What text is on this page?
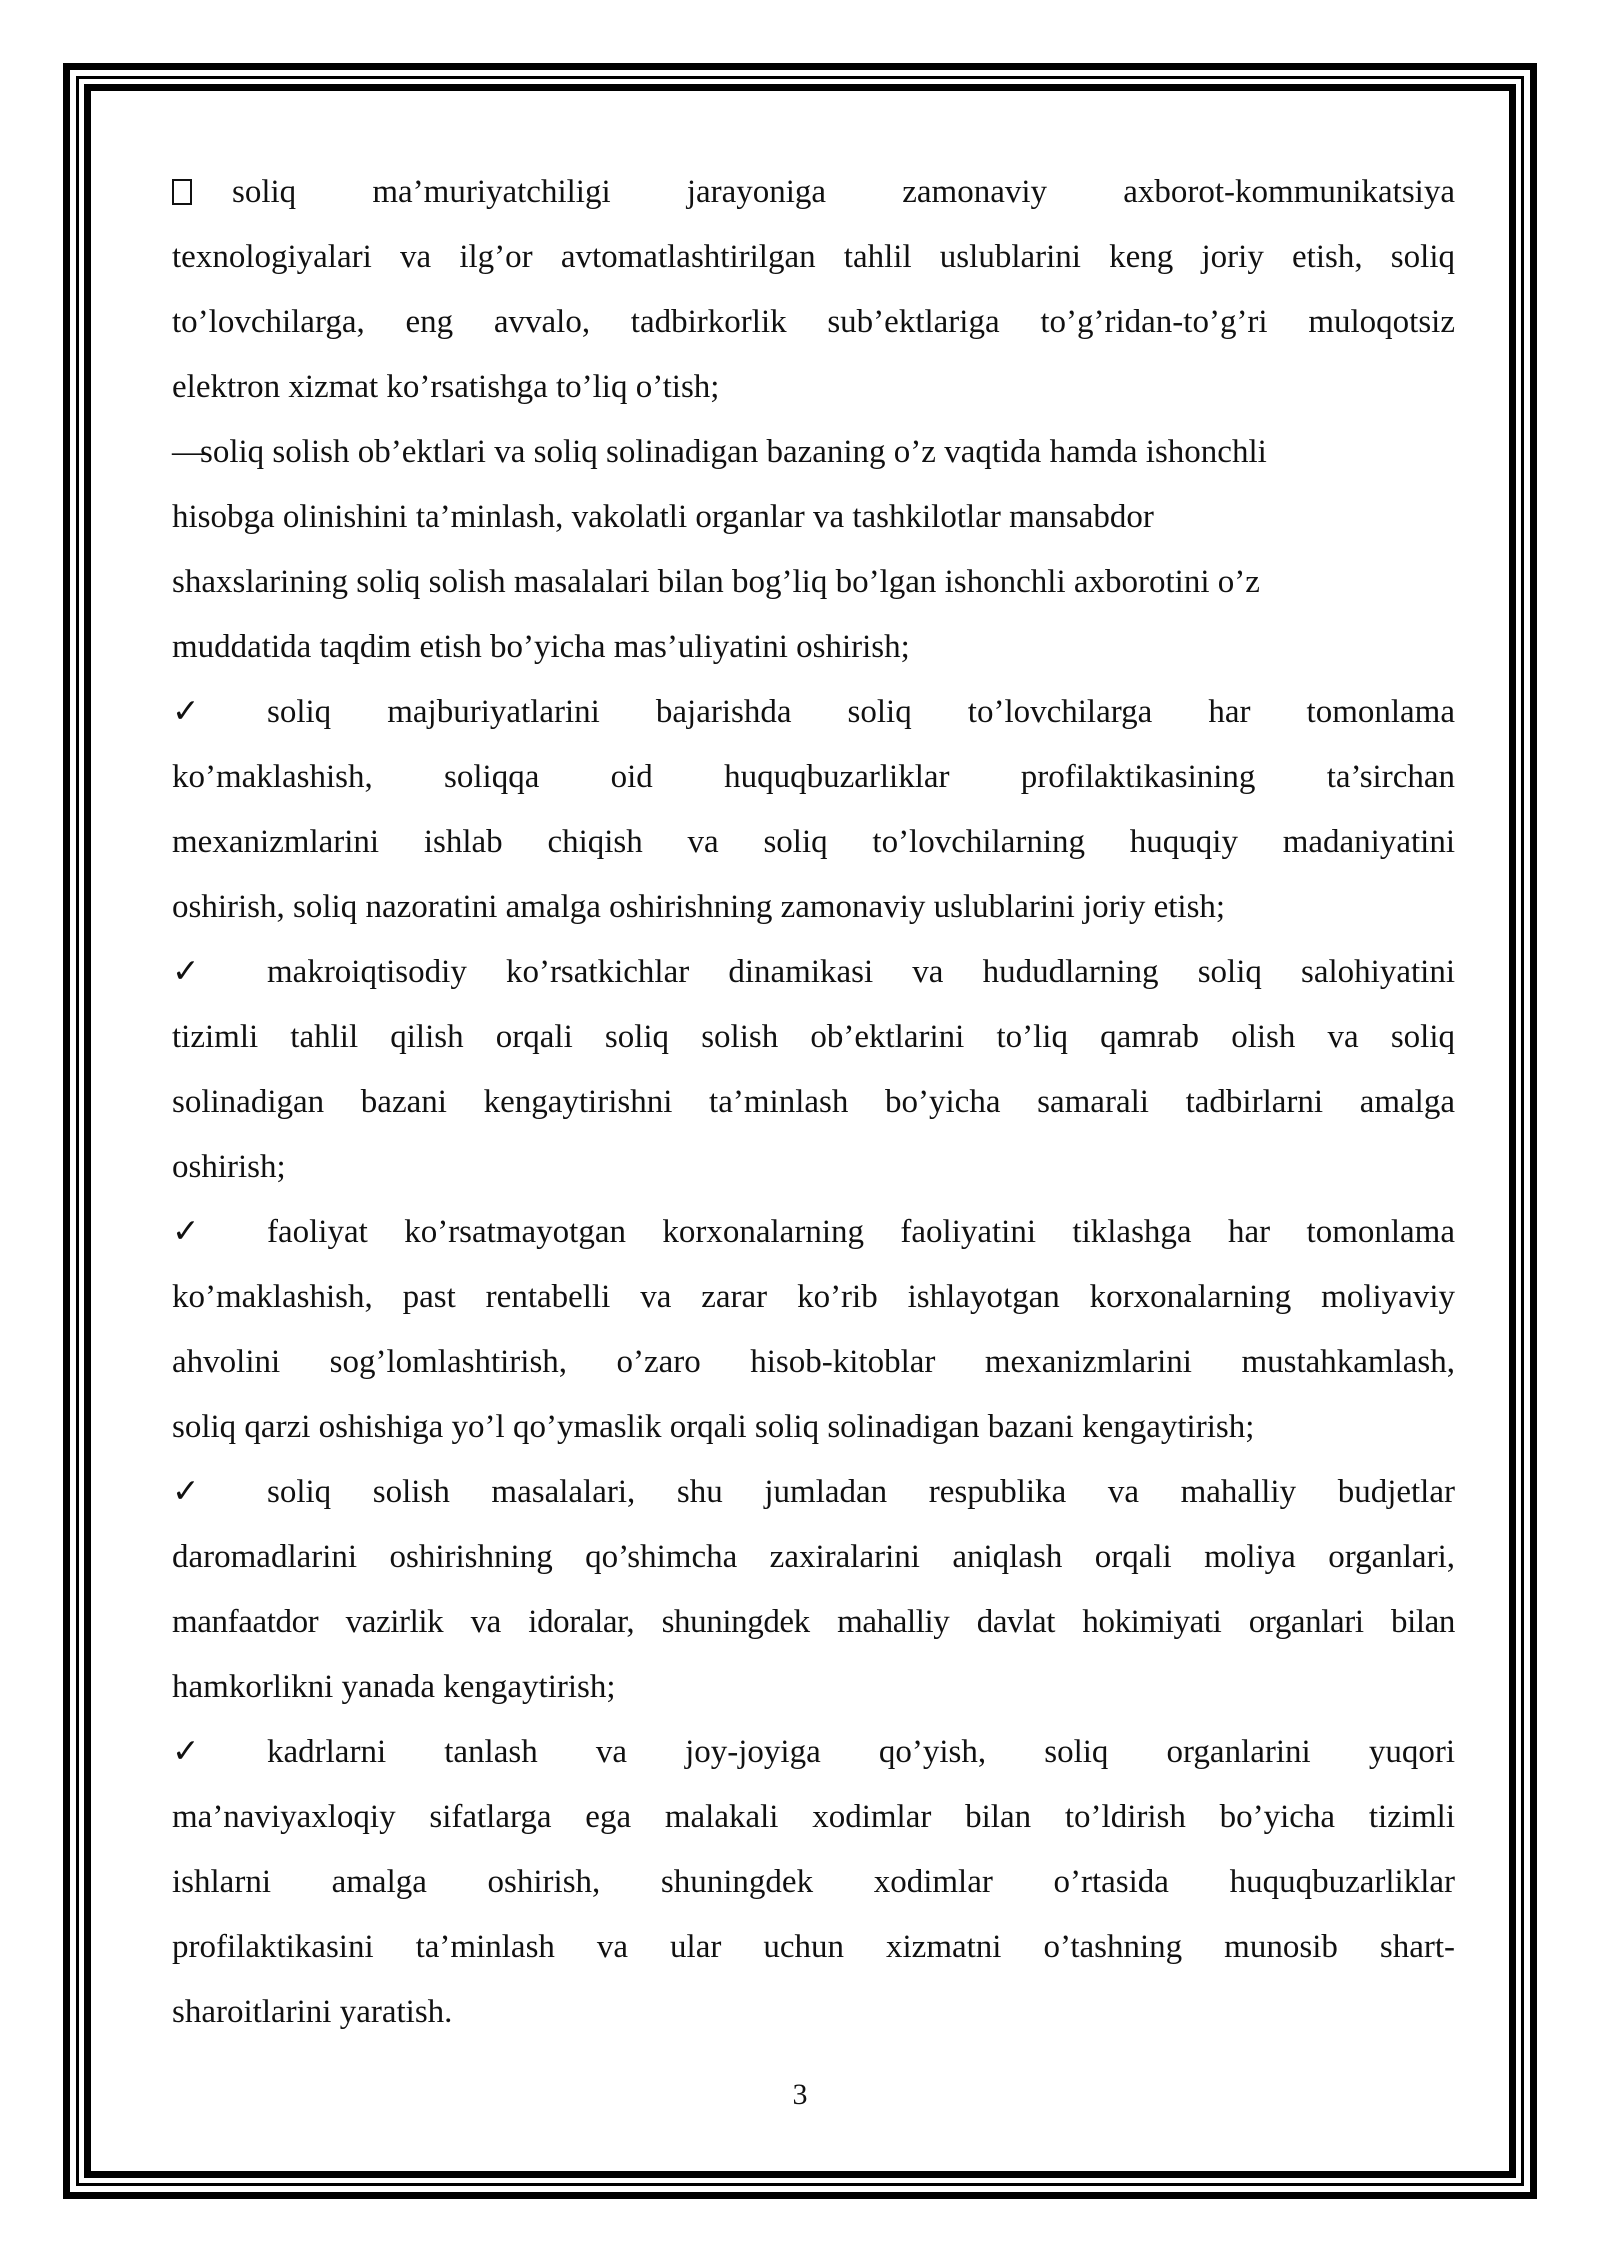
soliq ma’muriyatchiligi jarayoniga zamonaviy axborot-kommunikatsiya

texnologiyalari va ilg’or avtomatlashtirilgan tahlil uslublarini keng joriy etish, soliq

to’lovchilarga, eng avvalo, tadbirkorlik sub’ektlariga to’g’ridan-to’g’ri muloqotsiz

elektron xizmat ko’rsatishga to’liq o’tish;

—soliq solish ob’ektlari va soliq solinadigan bazaning o’z vaqtida hamda ishonchli

hisobga olinishini ta’minlash, vakolatli organlar va tashkilotlar mansabdor

shaxslarining soliq solish masalalari bilan bog’liq bo’lgan ishonchli axborotini o’z

muddatida taqdim etish bo’yicha mas’uliyatini oshirish;

✓ soliq majburiyatlarini bajarishda soliq to’lovchilarga har tomonlama

ko’maklashish, soliqqa oid huquqbuzarliklar profilaktikasining ta’sirchan

mexanizmlarini ishlab chiqish va soliq to’lovchilarning huquqiy madaniyatini

oshirish, soliq nazoratini amalga oshirishning zamonaviy uslublarini joriy etish;

✓ makroiqtisodiy ko’rsatkichlar dinamikasi va hududlarning soliq salohiyatini

tizimli tahlil qilish orqali soliq solish ob’ektlarini to’liq qamrab olish va soliq

solinadigan bazani kengaytirishni ta’minlash bo’yicha samarali tadbirlarni amalga

oshirish;

✓ faoliyat ko’rsatmayotgan korxonalarning faoliyatini tiklashga har tomonlama

ko’maklashish, past rentabelli va zarar ko’rib ishlayotgan korxonalarning moliyaviy

ahvolini sog’lomlashtirish, o’zaro hisob-kitoblar mexanizmlarini mustahkamlash,

soliq qarzi oshishiga yo’l qo’ymaslik orqali soliq solinadigan bazani kengaytirish;

✓ soliq solish masalalari, shu jumladan respublika va mahalliy budjetlar

daromadlarini oshirishning qo’shimcha zaxiralarini aniqlash orqali moliya organlari,

manfaatdor vazirlik va idoralar, shuningdek mahalliy davlat hokimiyati organlari bilan

hamkorlikni yanada kengaytirish;

✓ kadrlarni tanlash va joy-joyiga qo’yish, soliq organlarini yuqori

ma’naviyaxloqiy sifatlarga ega malakali xodimlar bilan to’ldirish bo’yicha tizimli

ishlarni amalga oshirish, shuningdek xodimlar o’rtasida huquqbuzarliklar

profilaktikasini ta’minlash va ular uchun xizmatni o’tashning munosib shart-

sharoitlarini yaratish.

3
